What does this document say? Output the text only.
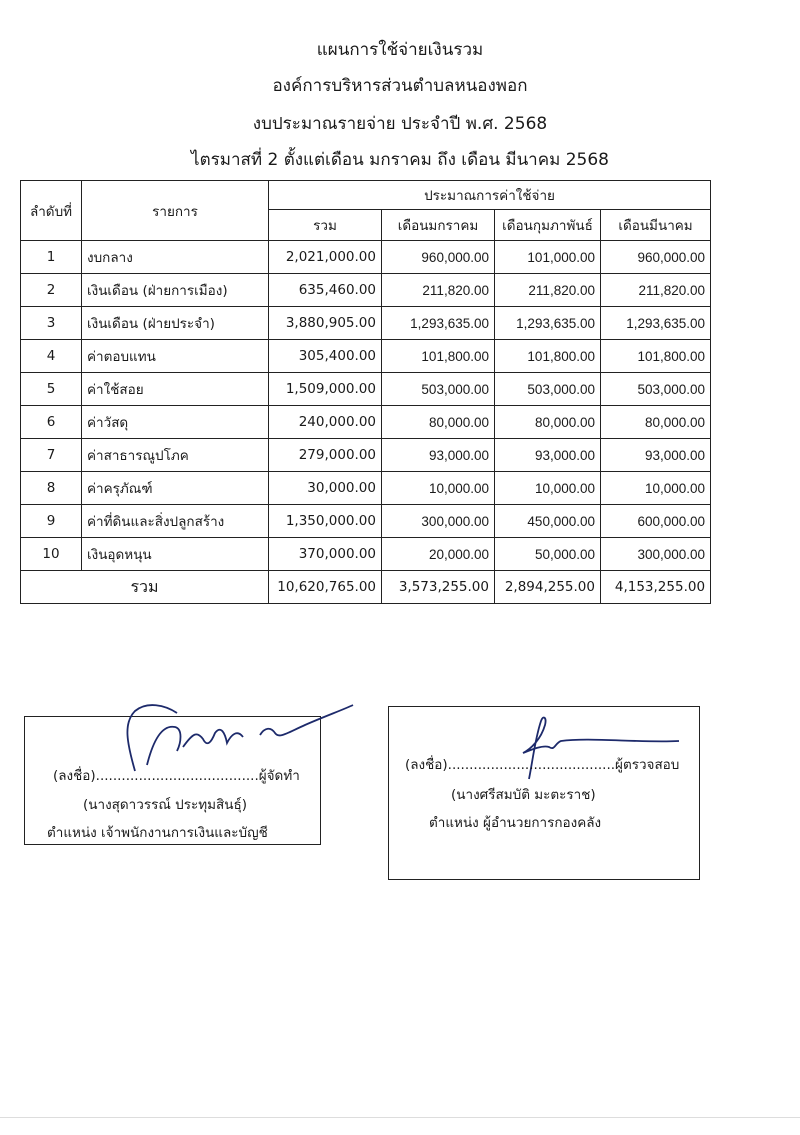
แผนการใช้จ่ายเงินรวม
องค์การบริหารส่วนตำบลหนองพอก
งบประมาณรายจ่าย ประจำปี พ.ศ. 2568
ไตรมาสที่ 2 ตั้งแต่เดือน มกราคม ถึง เดือน มีนาคม 2568
ลำดับที่	รายการ	ประมาณการค่าใช้จ่าย			
		รวม	เดือนมกราคม	เดือนกุมภาพันธ์	เดือนมีนาคม
1	งบกลาง	2,021,000.00	960,000.00	101,000.00	960,000.00
2	เงินเดือน (ฝ่ายการเมือง)	635,460.00	211,820.00	211,820.00	211,820.00
3	เงินเดือน (ฝ่ายประจำ)	3,880,905.00	1,293,635.00	1,293,635.00	1,293,635.00
4	ค่าตอบแทน	305,400.00	101,800.00	101,800.00	101,800.00
5	ค่าใช้สอย	1,509,000.00	503,000.00	503,000.00	503,000.00
6	ค่าวัสดุ	240,000.00	80,000.00	80,000.00	80,000.00
7	ค่าสาธารณูปโภค	279,000.00	93,000.00	93,000.00	93,000.00
8	ค่าครุภัณฑ์	30,000.00	10,000.00	10,000.00	10,000.00
9	ค่าที่ดินและสิ่งปลูกสร้าง	1,350,000.00	300,000.00	450,000.00	600,000.00
10	เงินอุดหนุน	370,000.00	20,000.00	50,000.00	300,000.00
รวม		10,620,765.00	3,573,255.00	2,894,255.00	4,153,255.00
(ลงชื่อ)......................................ผู้จัดทำ
(นางสุดาวรรณ์ ประทุมสินธุ์)
ตำแหน่ง เจ้าพนักงานการเงินและบัญชี
(ลงชื่อ).......................................ผู้ตรวจสอบ
(นางศรีสมบัติ มะตะราช)
ตำแหน่ง ผู้อำนวยการกองคลัง
